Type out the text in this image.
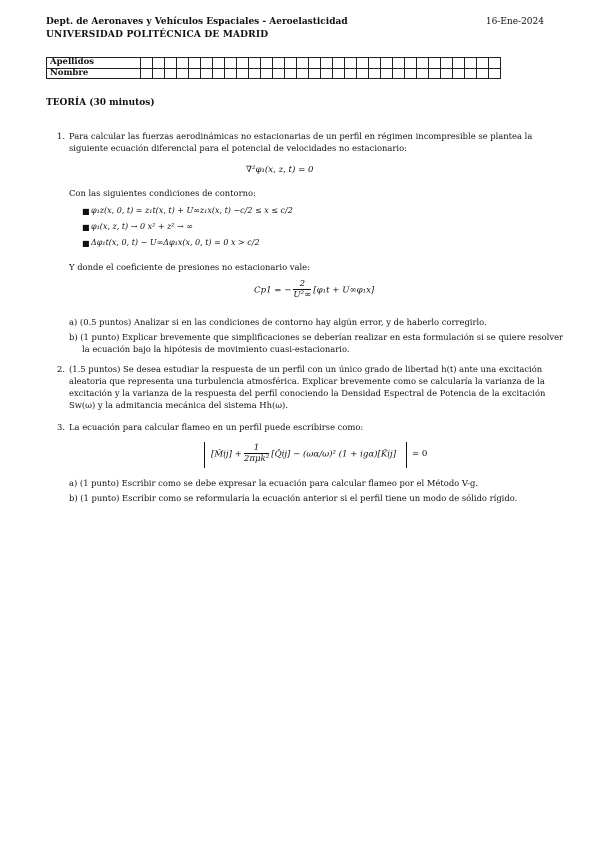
Dept. de Aeronaves y Vehículos Espaciales - Aeroelasticidad	16-Ene-2024
UNIVERSIDAD POLITÉCNICA DE MADRID
Apellidos																														
Nombre																														
TEORÍA (30 minutos)
1. Para calcular las fuerzas aerodinámicas no estacionarias de un perfil en régimen incompresible se plantea la
siguiente ecuación diferencial para el potencial de velocidades no estacionario:
∇²φ₁(x, z, t) = 0
Con las siguientes condiciones de contorno:
■ φ₁z(x, 0, t) = z₁t(x, t) + U∞z₁x(x, t) −c/2 ≤ x ≤ c/2
■ φ₁(x, z, t) → 0 x² + z² → ∞
■ Δφ₁t(x, 0, t) − U∞Δφ₁x(x, 0, t) = 0 x > c/2
Y donde el coeficiente de presiones no estacionario vale:
Cp1 = − $\frac{2}{\text{U²∞}} [\varphi_1t + U\infty\varphi_1x]$
a) (0.5 puntos) Analizar si en las condiciones de contorno hay algún error, y de haberlo corregirlo.
b) (1 punto) Explicar brevemente que simplificaciones se deberían realizar en esta formulación si se quiere resolver
la ecuación bajo la hipótesis de movimiento cuasi-estacionario.
2. (1.5 puntos) Se desea estudiar la respuesta de un perfil con un único grado de libertad h(t) ante una excitación
aleatoria que representa una turbulencia atmosférica. Explicar brevemente como se calcularía la varianza de la
excitación y la varianza de la respuesta del perfil conociendo la Densidad Espectral de Potencia de la excitación
Sw(ω) y la admitancia mecánica del sistema Hh(ω).
3. La ecuación para calcular flameo en un perfil puede escribirse como:
[M̂ij] + $\frac{1}{\text{2πμk²}}$ [Q̂ij] − (ωα/ω)² (1 + igα)[K̂ij] = 0
a) (1 punto) Escribir como se debe expresar la ecuación para calcular flameo por el Método V-g.
b) (1 punto) Escribir como se reformularía la ecuación anterior si el perfil tiene un modo de sólido rígido.
